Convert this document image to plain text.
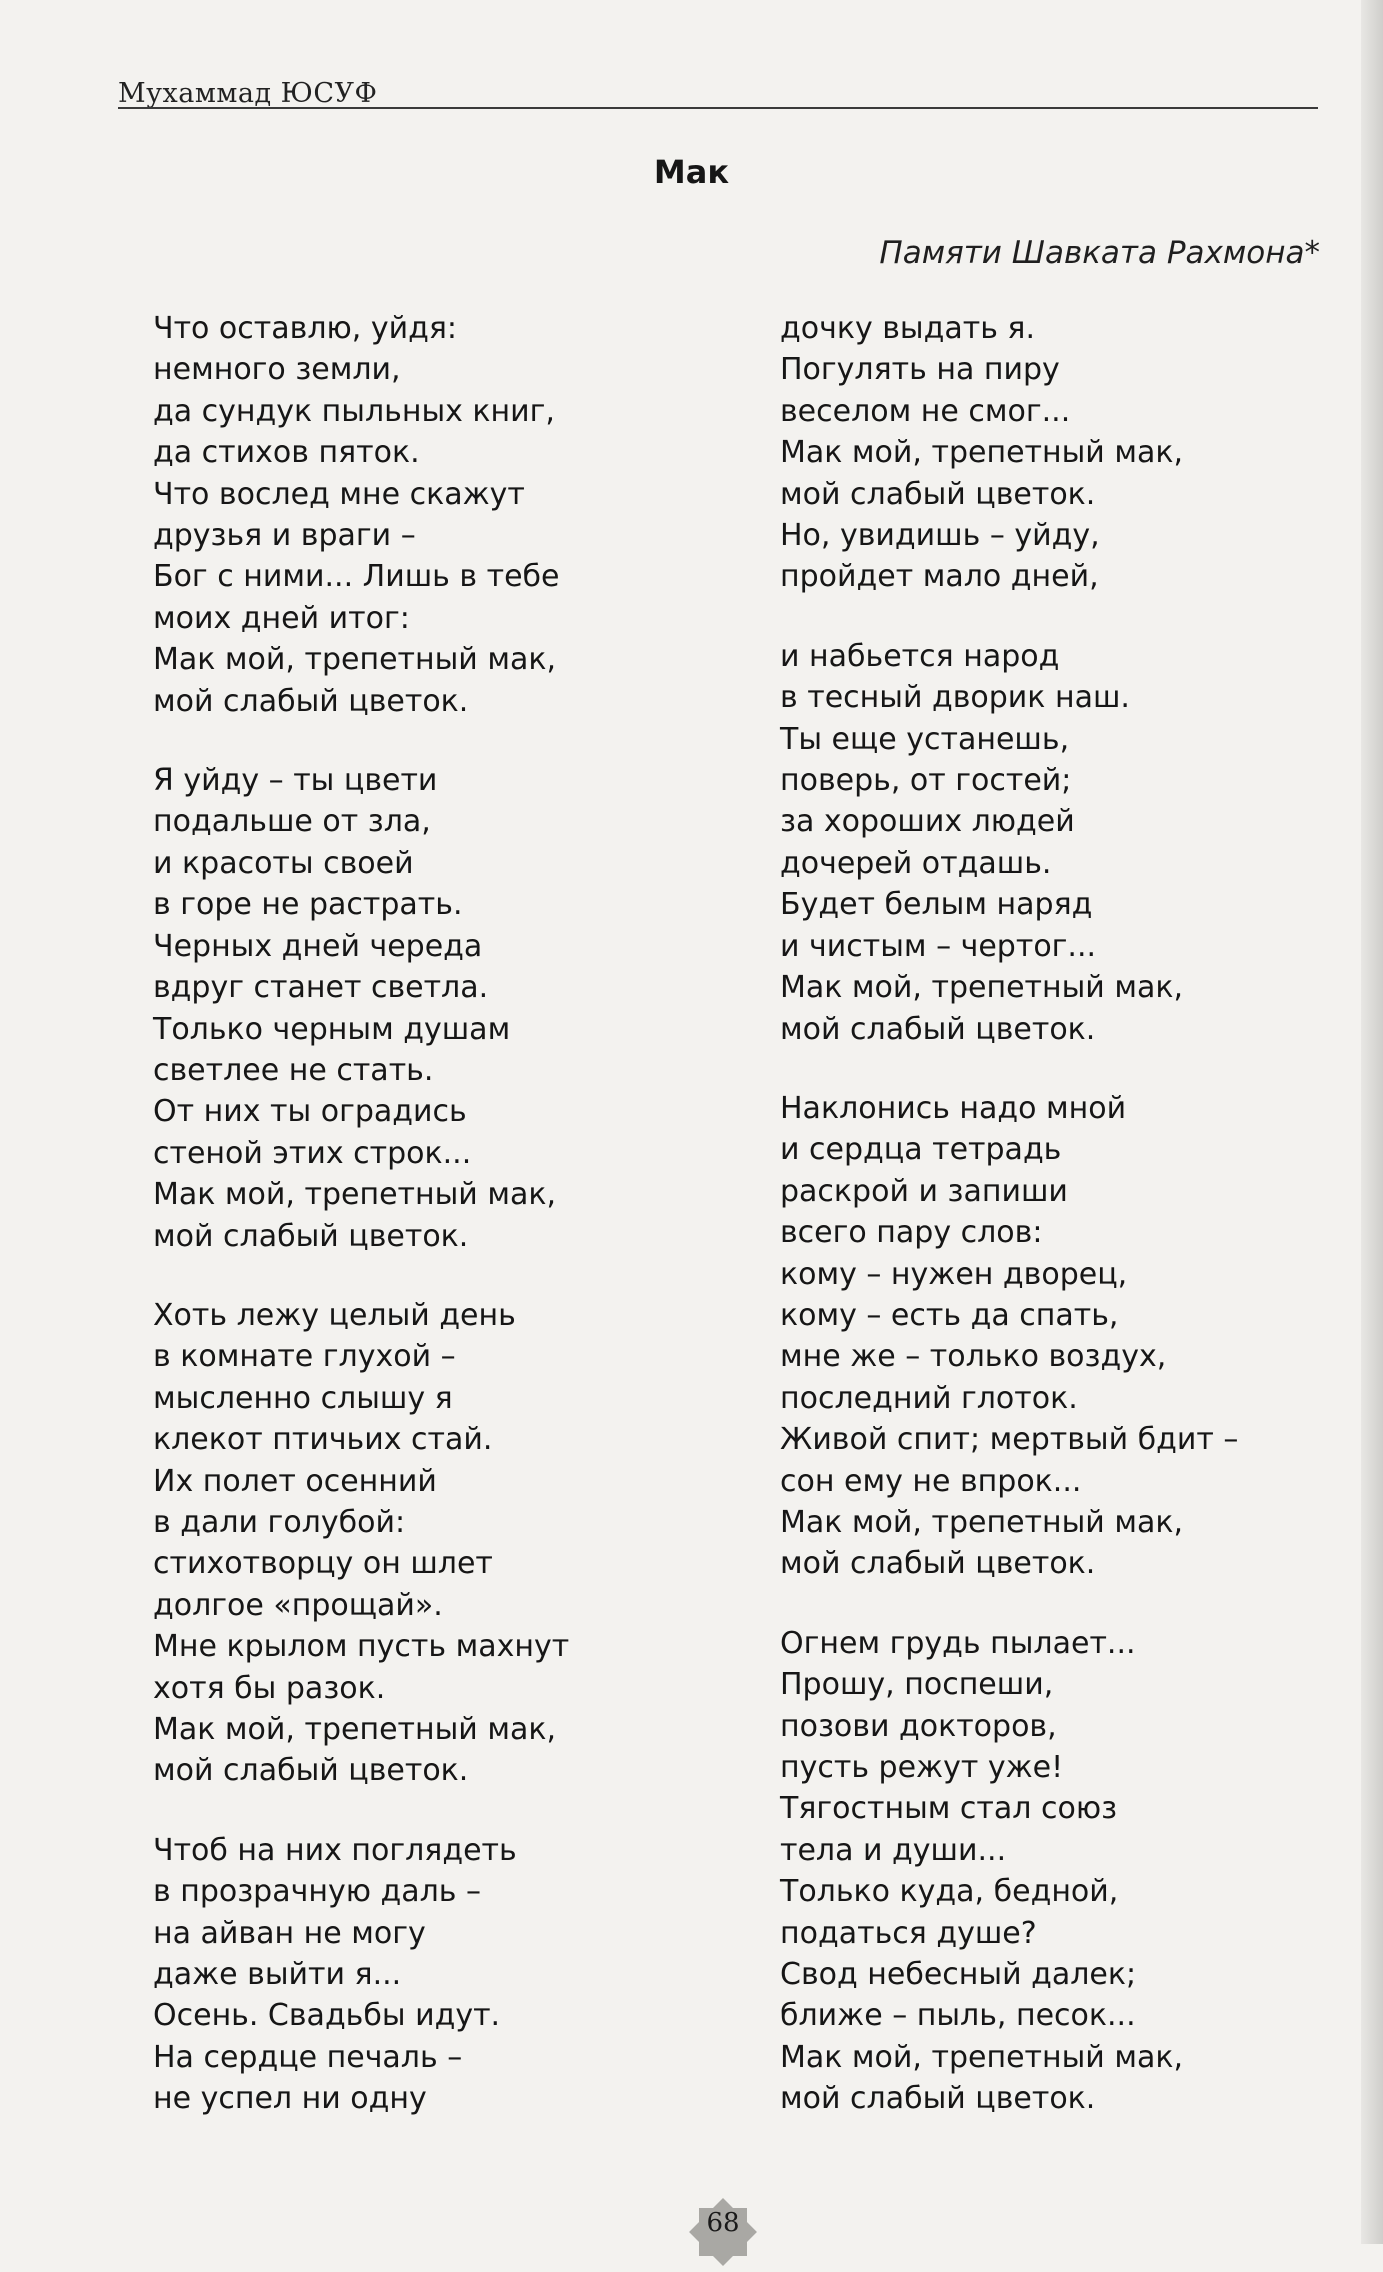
Мухаммад ЮСУФ
Мак
Памяти Шавката Рахмона*
Что оставлю, уйдя:
немного земли,
да сундук пыльных книг,
да стихов пяток.
Что вослед мне скажут
друзья и враги –
Бог с ними... Лишь в тебе
моих дней итог:
Мак мой, трепетный мак,
мой слабый цветок.
Я уйду – ты цвети
подальше от зла,
и красоты своей
в горе не растрать.
Черных дней череда
вдруг станет светла.
Только черным душам
светлее не стать.
От них ты оградись
стеной этих строк...
Мак мой, трепетный мак,
мой слабый цветок.
Хоть лежу целый день
в комнате глухой –
мысленно слышу я
клекот птичьих стай.
Их полет осенний
в дали голубой:
стихотворцу он шлет
долгое «прощай».
Мне крылом пусть махнут
хотя бы разок.
Мак мой, трепетный мак,
мой слабый цветок.
Чтоб на них поглядеть
в прозрачную даль –
на айван не могу
даже выйти я...
Осень. Свадьбы идут.
На сердце печаль –
не успел ни одну
дочку выдать я.
Погулять на пиру
веселом не смог...
Мак мой, трепетный мак,
мой слабый цветок.
Но, увидишь – уйду,
пройдет мало дней,
и набьется народ
в тесный дворик наш.
Ты еще устанешь,
поверь, от гостей;
за хороших людей
дочерей отдашь.
Будет белым наряд
и чистым – чертог...
Мак мой, трепетный мак,
мой слабый цветок.
Наклонись надо мной
и сердца тетрадь
раскрой и запиши
всего пару слов:
кому – нужен дворец,
кому – есть да спать,
мне же – только воздух,
последний глоток.
Живой спит; мертвый бдит –
сон ему не впрок...
Мак мой, трепетный мак,
мой слабый цветок.
Огнем грудь пылает...
Прошу, поспеши,
позови докторов,
пусть режут уже!
Тягостным стал союз
тела и души...
Только куда, бедной,
податься душе?
Свод небесный далек;
ближе – пыль, песок...
Мак мой, трепетный мак,
мой слабый цветок.
68
